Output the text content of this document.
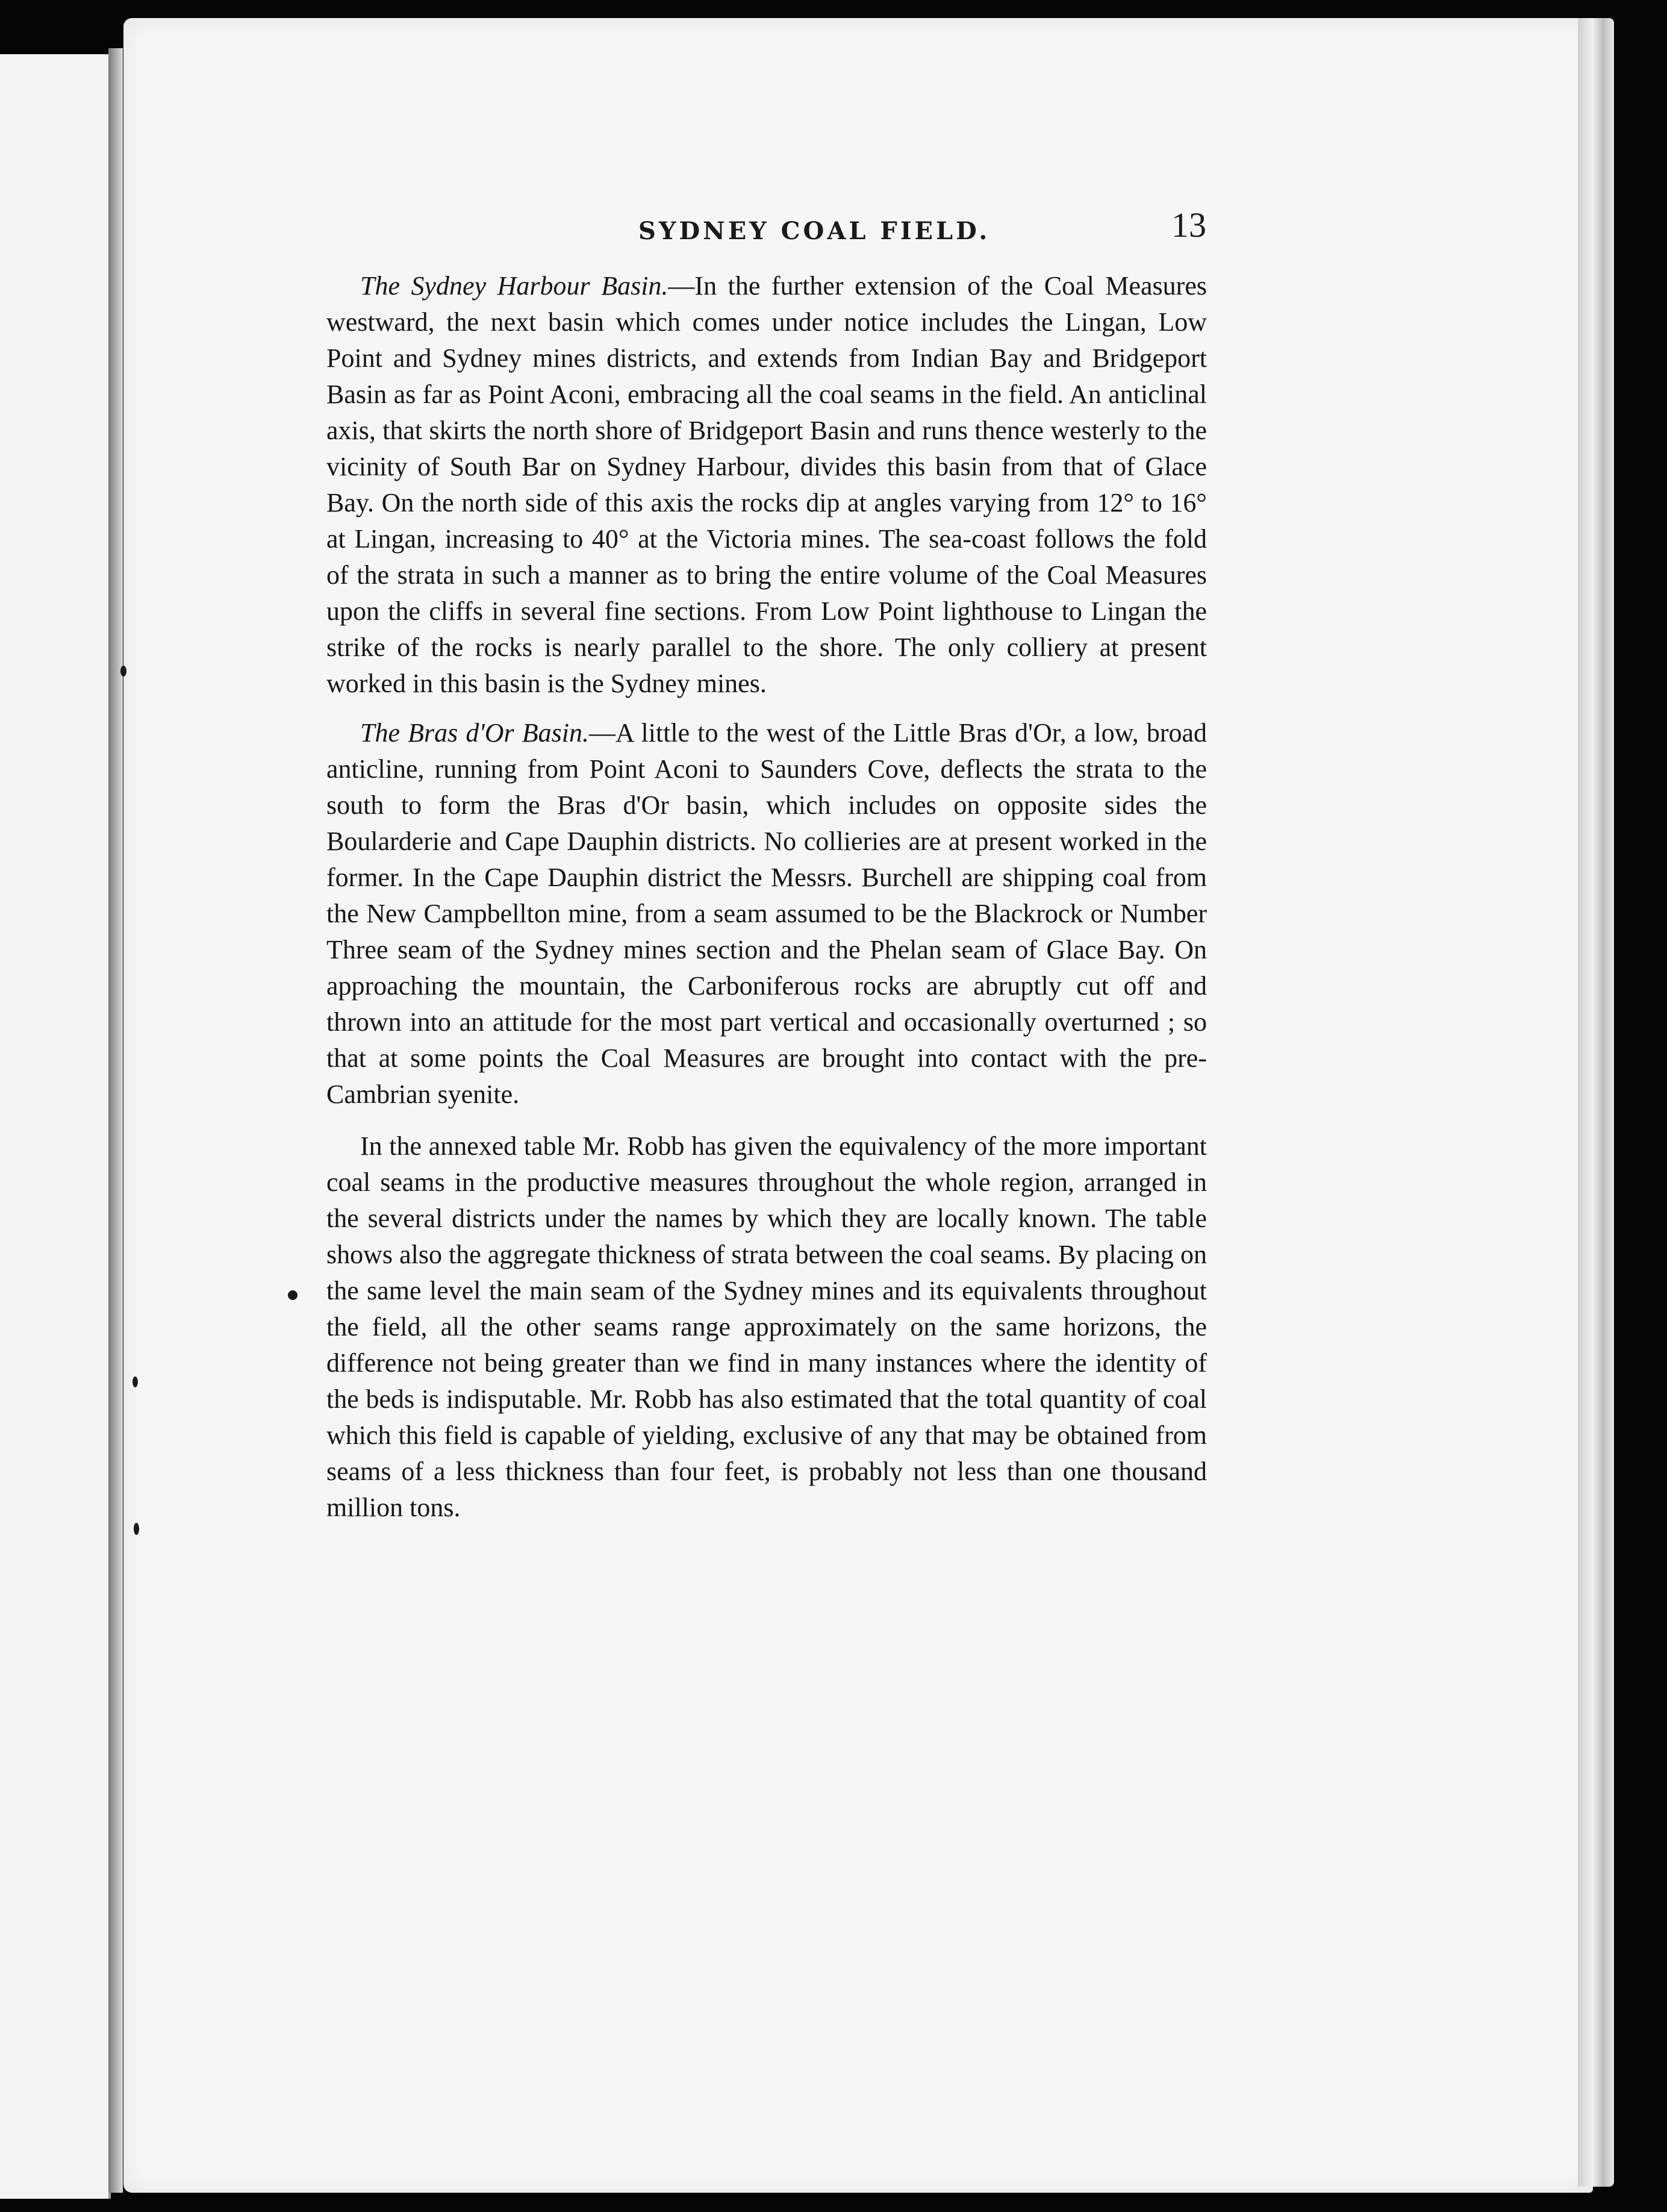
SYDNEY COAL FIELD.	13

The Sydney Harbour Basin.—In the further extension of the Coal Measures westward, the next basin which comes under notice includes the Lingan, Low Point and Sydney mines districts, and extends from Indian Bay and Bridgeport Basin as far as Point Aconi, embracing all the coal seams in the field. An anticlinal axis, that skirts the north shore of Bridgeport Basin and runs thence westerly to the vicinity of South Bar on Sydney Harbour, divides this basin from that of Glace Bay. On the north side of this axis the rocks dip at angles varying from 12° to 16° at Lingan, increasing to 40° at the Victoria mines. The sea-coast follows the fold of the strata in such a manner as to bring the entire volume of the Coal Measures upon the cliffs in several fine sections. From Low Point lighthouse to Lingan the strike of the rocks is nearly parallel to the shore. The only colliery at present worked in this basin is the Sydney mines.

The Bras d'Or Basin.—A little to the west of the Little Bras d'Or, a low, broad anticline, running from Point Aconi to Saunders Cove, deflects the strata to the south to form the Bras d'Or basin, which includes on opposite sides the Boularderie and Cape Dauphin districts. No collieries are at present worked in the former. In the Cape Dauphin district the Messrs. Burchell are shipping coal from the New Campbellton mine, from a seam assumed to be the Blackrock or Number Three seam of the Sydney mines section and the Phelan seam of Glace Bay. On approaching the mountain, the Carboniferous rocks are abruptly cut off and thrown into an attitude for the most part vertical and occasionally overturned ; so that at some points the Coal Measures are brought into contact with the pre-Cambrian syenite.

In the annexed table Mr. Robb has given the equivalency of the more important coal seams in the productive measures throughout the whole region, arranged in the several districts under the names by which they are locally known. The table shows also the aggregate thickness of strata between the coal seams. By placing on the same level the main seam of the Sydney mines and its equivalents throughout the field, all the other seams range approximately on the same horizons, the difference not being greater than we find in many instances where the identity of the beds is indisputable. Mr. Robb has also estimated that the total quantity of coal which this field is capable of yielding, exclusive of any that may be obtained from seams of a less thickness than four feet, is probably not less than one thousand million tons.
